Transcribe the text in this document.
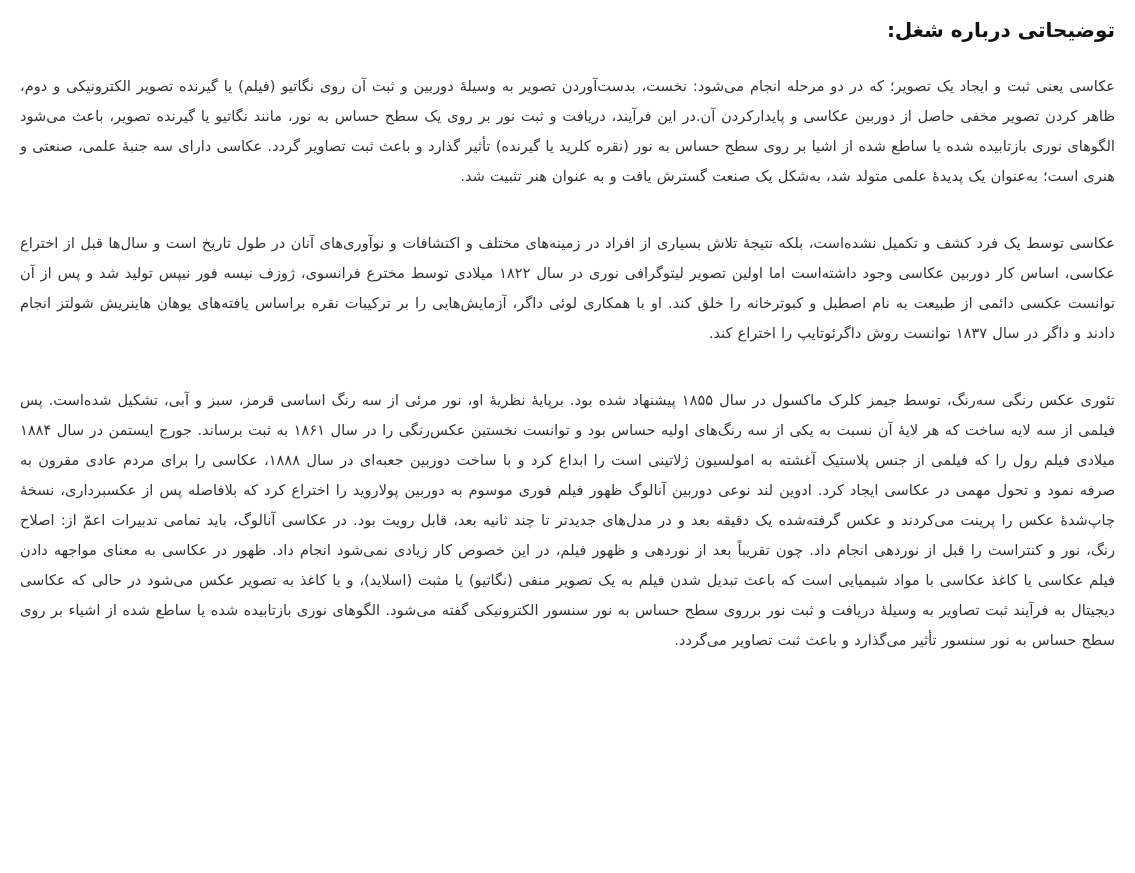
توضیحاتی درباره شغل:

عکاسی یعنی ثبت و ایجاد یک تصویر؛ که در دو مرحله انجام می‌شود: نخست، بدست‌آوردن تصویر به وسیلهٔ دوربین و ثبت آن روی نگاتیو (فیلم) یا گیرنده تصویر الکترونیکی و دوم، ظاهر کردن تصویر مخفی حاصل از دوربین عکاسی و پایدارکردن آن.در این فرآیند، دریافت و ثبت نور بر روی یک سطح حساس به نور، مانند نگاتیو یا گیرنده تصویر، باعث می‌شود الگوهای نوری بازتابیده شده یا ساطع شده از اشیا بر روی سطح حساس به نور (نقره کلرید یا گیرنده) تأثیر گذارد و باعث ثبت تصاویر گردد. عکاسی دارای سه جنبهٔ علمی، صنعتی و هنری است؛ به‌عنوان یک پدیدهٔ علمی متولد شد، به‌شکل یک صنعت گسترش یافت و به عنوان هنر تثبیت شد.

عکاسی توسط یک فرد کشف و تکمیل نشده‌است، بلکه نتیجهٔ تلاش بسیاری از افراد در زمینه‌های مختلف و اکتشافات و نوآوری‌های آنان در طول تاریخ است و سال‌ها قبل از اختراع عکاسی، اساس کار دوربین عکاسی وجود داشته‌است اما اولین تصویر لیتوگرافی نوری در سال ۱۸۲۲ میلادی توسط مخترع فرانسوی، ژوزف نیسه فور نیپس تولید شد و پس از آن توانست عکسی دائمی از طبیعت به نام اصطبل و کبوترخانه را خلق کند. او با همکاری لوئی داگر، آزمایش‌هایی را بر ترکیبات نقره براساس یافته‌های یوهان هاینریش شولتز انجام دادند و داگر در سال ۱۸۳۷ توانست روش داگرئوتایپ را اختراع کند.

تئوری عکس رنگی سه‌رنگ، توسط جیمز کلرک ماکسول در سال ۱۸۵۵ پیشنهاد شده بود. برپایهٔ نظریهٔ او، نور مرئی از سه رنگ اساسی قرمز، سبز و آبی، تشکیل شده‌است. پس فیلمی از سه لایه ساخت که هر لایهٔ آن نسبت به یکی از سه رنگ‌های اولیه حساس بود و توانست نخستین عکس‌رنگی را در سال ۱۸۶۱ به ثبت برساند. جورج ایستمن در سال ۱۸۸۴ میلادی فیلم رول را که فیلمی از جنس پلاستیک آغشته به امولسیون ژلاتینی است را ابداع کرد و با ساخت دوربین جعبه‌ای در سال ۱۸۸۸، عکاسی را برای مردم عادی مقرون به صرفه نمود و تحول مهمی در عکاسی ایجاد کرد. ادوین لند نوعی دوربین آنالوگ ظهور فیلم فوری موسوم به دوربین پولاروید را اختراع کرد که بلافاصله پس از عکسبرداری، نسخهٔ چاپ‌شدهٔ عکس را پرینت می‌کردند و عکس گرفته‌شده یک دقیقه بعد و در مدل‌های جدیدتر تا چند ثانیه بعد، قابل رویت بود. در عکاسی آنالوگ، باید تمامی تدبیرات اعمّ از: اصلاح رنگ، نور و کنتراست را قبل از نوردهی انجام داد. چون تقریباً بعد از نوردهی و ظهور فیلم، در این خصوص کار زیادی نمی‌شود انجام داد. ظهور در عکاسی به معنای مواجهه دادن فیلم عکاسی یا کاغذ عکاسی با مواد شیمیایی است که باعث تبدیل شدن فیلم به یک تصویر منفی (نگاتیو) یا مثبت (اسلاید)، و یا کاغذ به تصویر عکس می‌شود در حالی که عکاسی دیجیتال به فرآیند ثبت تصاویر به وسیلهٔ دریافت و ثبت نور برروی سطح حساس به نور سنسور الکترونیکی گفته می‌شود. الگوهای نوری بازتابیده شده یا ساطع شده از اشیاء بر روی سطح حساس به نور سنسور تأثیر می‌گذارد و باعث ثبت تصاویر می‌گردد.
